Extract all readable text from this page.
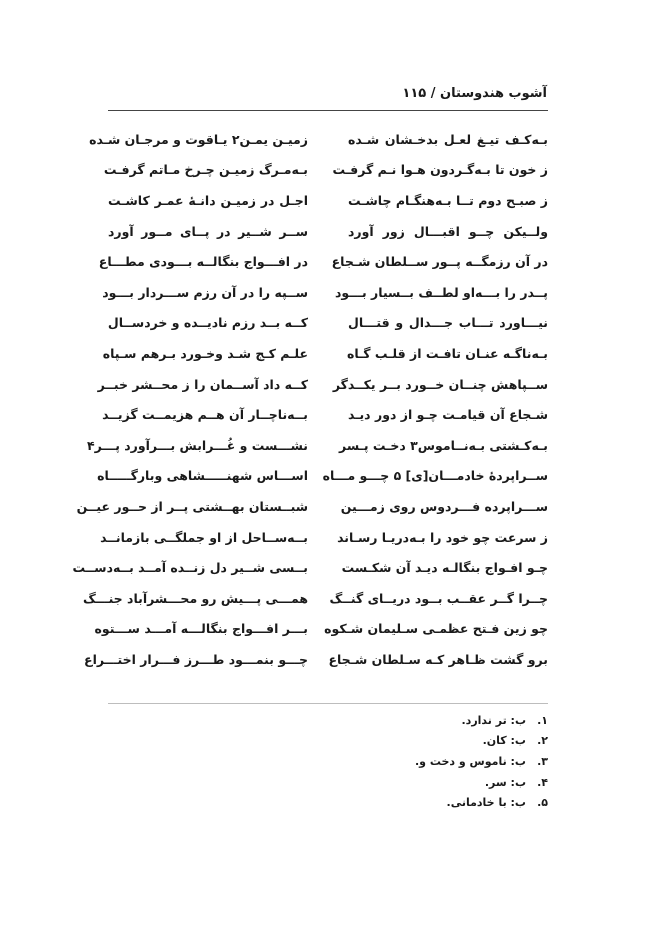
آشوب هندوستان / ۱۱۵
بـه‌کـف تیـغ لعـل بدخـشان شـده
زمیـن یمـن۲ یـاقوت و مرجـان شـده
ز خون تا بـه‌گـردون هـوا نـم گرفـت
بـه‌مـرگ زمیـن چـرخ مـاتم گرفـت
ز صبـح دوم تــا بـه‌هنگـام چاشـت
اجـل در زمیـن دانـهٔ عمـر کاشـت
ولــیکن چــو اقبـــال زور آورد
ســر شــیر در پــای مــور آورد
در آن رزمگــه پــور ســلطان شـجاع
در افـــواج بنگالــه بـــودی مطـــاع
پــدر را بـــه‌او لطــف بــسیار بـــود
ســپه را در آن رزم ســـردار بـــود
نیـــاورد تـــاب جـــدال و قتـــال
کــه بــد رزم نادیــده و خردســال
بـه‌ناگـه عنـان تافـت از قلـب گـاه
علـم کـج شـد وخـورد بـرهم سـپاه
ســپاهش چنــان خــورد بــر یکــدگر
کــه داد آســمان را ز محــشر خبــر
شـجاع آن قیامـت چـو از دور دیـد
بــه‌ناچــار آن هــم هزیمــت گزیــد
بـه‌کـشتی بـه‌نــاموس۳ دخـت پـسر
نشـــست و غُـــرابش بـــرآورد پـــر۴
ســراپردهٔ خادمـــان[ی] ۵ چـــو مـــاه
اســـاس شهنـــــشاهی وبارگـــــاه
ســـراپرده فـــردوس روی زمـــین
شبــستان بهــشتی پــر از حــور عیــن
ز سرعت چو خود را بـه‌دریـا رسـاند
بــه‌ســاحل از او جملگــی بازمانــد
چـو افـواج بنگالـه دیـد آن شکـست
بــسی شــیر دل زنــده آمــد بــه‌دســت
چــرا گــر عقــب بــود دریــای گنــگ
همـــی پـــیش رو محـــشرآباد جنـــگ
چو زین فـتح عظمـی سـلیمان شـکوه
بـــر افـــواج بنگالـــه آمـــد ســـتوه
برو گشت ظـاهر کـه سـلطان شـجاع
چـــو بنمـــود طـــرز فـــرار اختـــراع
۱.
ب: تر ندارد.
۲.
ب: کان.
۳.
ب: ناموس و دخت و.
۴.
ب: سر.
۵.
ب: با خادمانی.
